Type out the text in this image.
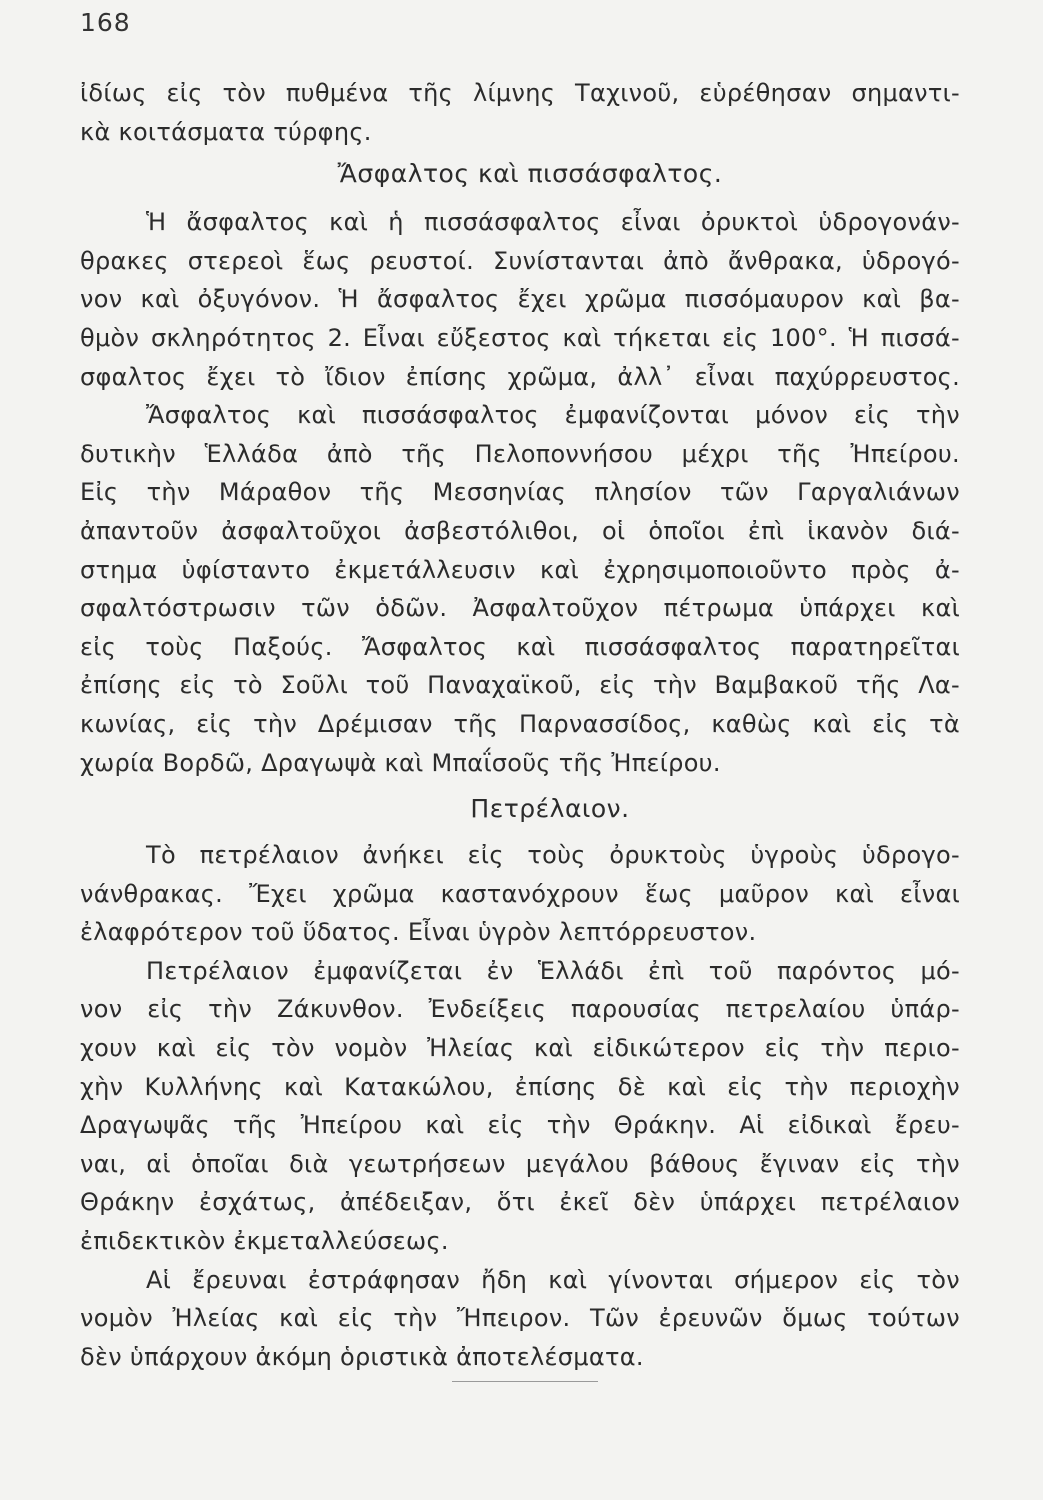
168
ἰδίως εἰς τὸν πυθμένα τῆς λίμνης Ταχινοῦ, εὑρέθησαν σημαντι-
κὰ κοιτάσματα τύρφης.
Ἄσφαλτος καὶ πισσάσφαλτος.
Ἡ ἄσφαλτος καὶ ἡ πισσάσφαλτος εἶναι ὀρυκτοὶ ὑδρογονάν-
θρακες στερεοὶ ἕως ρευστοί. Συνίστανται ἀπὸ ἄνθρακα, ὑδρογό-
νον καὶ ὀξυγόνον. Ἡ ἄσφαλτος ἔχει χρῶμα πισσόμαυρον καὶ βα-
θμὸν σκληρότητος 2. Εἶναι εὔξεστος καὶ τήκεται εἰς 100°. Ἡ πισσά-
σφαλτος ἔχει τὸ ἴδιον ἐπίσης χρῶμα, ἀλλ᾽ εἶναι παχύρρευστος.
Ἄσφαλτος καὶ πισσάσφαλτος ἐμφανίζονται μόνον εἰς τὴν
δυτικὴν Ἑλλάδα ἀπὸ τῆς Πελοποννήσου μέχρι τῆς Ἠπείρου.
Εἰς τὴν Μάραθον τῆς Μεσσηνίας πλησίον τῶν Γαργαλιάνων
ἀπαντοῦν ἀσφαλτοῦχοι ἀσβεστόλιθοι, οἱ ὁποῖοι ἐπὶ ἱκανὸν διά-
στημα ὑφίσταντο ἐκμετάλλευσιν καὶ ἐχρησιμοποιοῦντο πρὸς ἀ-
σφαλτόστρωσιν τῶν ὁδῶν. Ἀσφαλτοῦχον πέτρωμα ὑπάρχει καὶ
εἰς τοὺς Παξούς. Ἄσφαλτος καὶ πισσάσφαλτος παρατηρεῖται
ἐπίσης εἰς τὸ Σοῦλι τοῦ Παναχαϊκοῦ, εἰς τὴν Βαμβακοῦ τῆς Λα-
κωνίας, εἰς τὴν Δρέμισαν τῆς Παρνασσίδος, καθὼς καὶ εἰς τὰ
χωρία Βορδῶ, Δραγωψὰ καὶ Μπαΐσοῦς τῆς Ἠπείρου.
Πετρέλαιον.
Τὸ πετρέλαιον ἀνήκει εἰς τοὺς ὀρυκτοὺς ὑγροὺς ὑδρογο-
νάνθρακας. Ἔχει χρῶμα καστανόχρουν ἕως μαῦρον καὶ εἶναι
ἐλαφρότερον τοῦ ὕδατος. Εἶναι ὑγρὸν λεπτόρρευστον.
Πετρέλαιον ἐμφανίζεται ἐν Ἑλλάδι ἐπὶ τοῦ παρόντος μό-
νον εἰς τὴν Ζάκυνθον. Ἐνδείξεις παρουσίας πετρελαίου ὑπάρ-
χουν καὶ εἰς τὸν νομὸν Ἠλείας καὶ εἰδικώτερον εἰς τὴν περιο-
χὴν Κυλλήνης καὶ Κατακώλου, ἐπίσης δὲ καὶ εἰς τὴν περιοχὴν
Δραγωψᾶς τῆς Ἠπείρου καὶ εἰς τὴν Θράκην. Αἱ εἰδικαὶ ἔρευ-
ναι, αἱ ὁποῖαι διὰ γεωτρήσεων μεγάλου βάθους ἔγιναν εἰς τὴν
Θράκην ἐσχάτως, ἀπέδειξαν, ὅτι ἐκεῖ δὲν ὑπάρχει πετρέλαιον
ἐπιδεκτικὸν ἐκμεταλλεύσεως.
Αἱ ἔρευναι ἐστράφησαν ἤδη καὶ γίνονται σήμερον εἰς τὸν
νομὸν Ἠλείας καὶ εἰς τὴν Ἤπειρον. Τῶν ἐρευνῶν ὅμως τούτων
δὲν ὑπάρχουν ἀκόμη ὁριστικὰ ἀποτελέσματα.
